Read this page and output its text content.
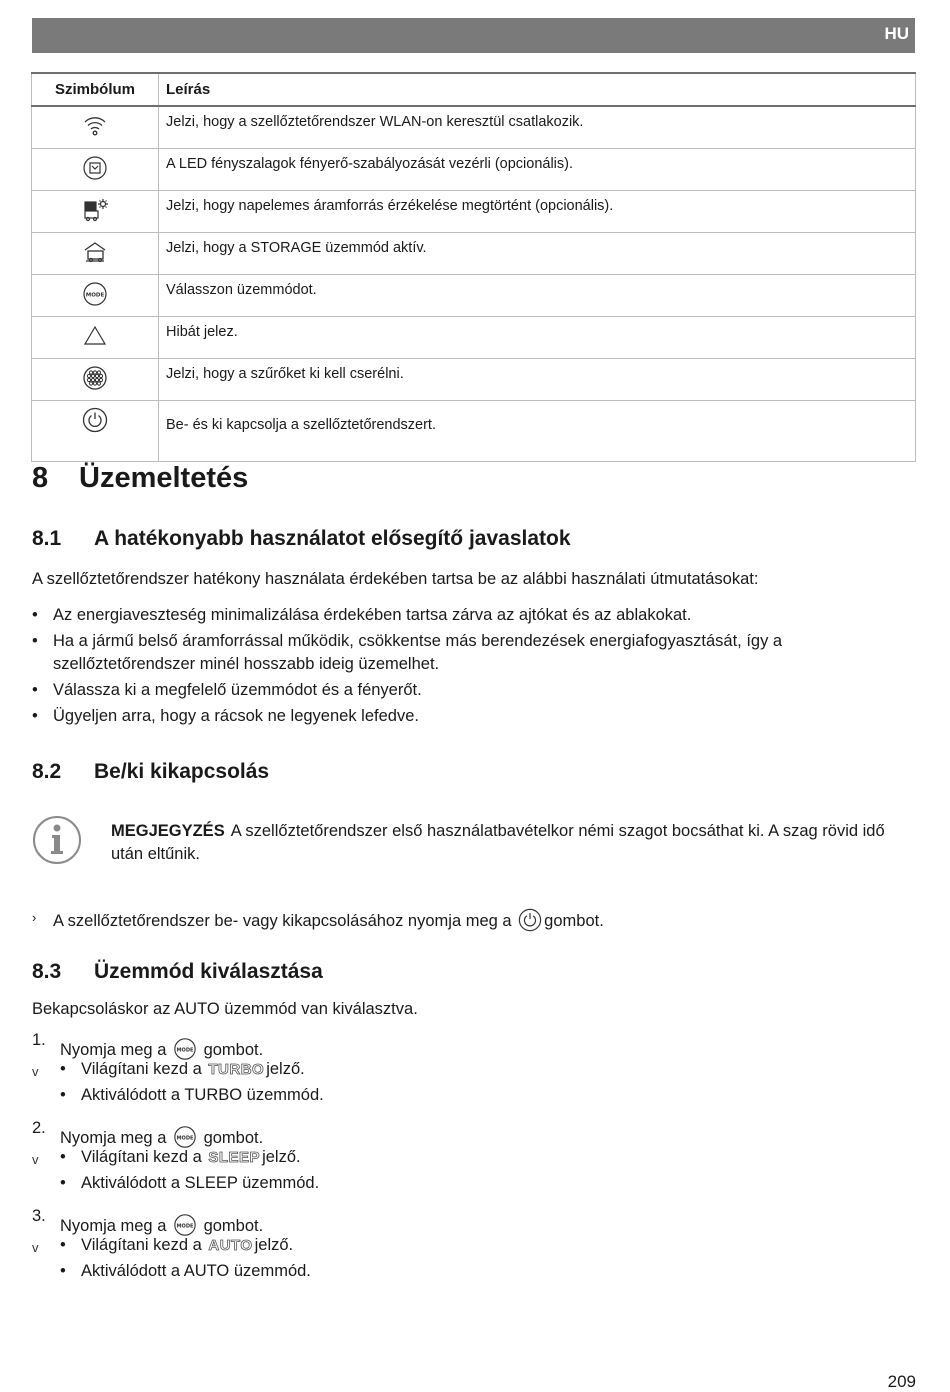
HU
Szimbólum	Leírás

	Jelzi, hogy a szellőztetőrendszer WLAN-on keresztül csatlakozik.

	A LED fényszalagok fényerő-szabályozását vezérli (opcionális).

	Jelzi, hogy napelemes áramforrás érzékelése megtörtént (opcionális).

	Jelzi, hogy a STORAGE üzemmód aktív.

MODE	Válasszon üzemmódot.

	Hibát jelez.

	Jelzi, hogy a szűrőket ki kell cserélni.

	Be- és ki kapcsolja a szellőztetőrendszert.
8 Üzemeltetés
8.1 A hatékonyabb használatot elősegítő javaslatok

A szellőztetőrendszer hatékony használata érdekében tartsa be az alábbi használati útmutatásokat:

• Az energiaveszteség minimalizálása érdekében tartsa zárva az ajtókat és az ablakokat.
• Ha a jármű belső áramforrással működik, csökkentse más berendezések energiafogyasztását, így a szellőztetőrendszer minél hosszabb ideig üzemelhet.
• Válassza ki a megfelelő üzemmódot és a fényerőt.
• Ügyeljen arra, hogy a rácsok ne legyenek lefedve.
8.2 Be/ki kikapcsolás
MEGJEGYZÉS A szellőztetőrendszer első használatbavételkor némi szagot bocsáthat ki. A szag rövid idő után eltűnik.
› A szellőztetőrendszer be- vagy kikapcsolásához nyomja meg a gombot.
8.3 Üzemmód kiválasztása

Bekapcsoláskor az AUTO üzemmód van kiválasztva.

1.
Nyomja meg a MODE gombot.
v • Világítani kezd a TURBO jelző.
• Aktiválódott a TURBO üzemmód.
2.
Nyomja meg a MODE gombot.
v • Világítani kezd a SLEEP jelző.
• Aktiválódott a SLEEP üzemmód.
3.
Nyomja meg a MODE gombot.
v • Világítani kezd a AUTO jelző.
• Aktiválódott a AUTO üzemmód.
209
